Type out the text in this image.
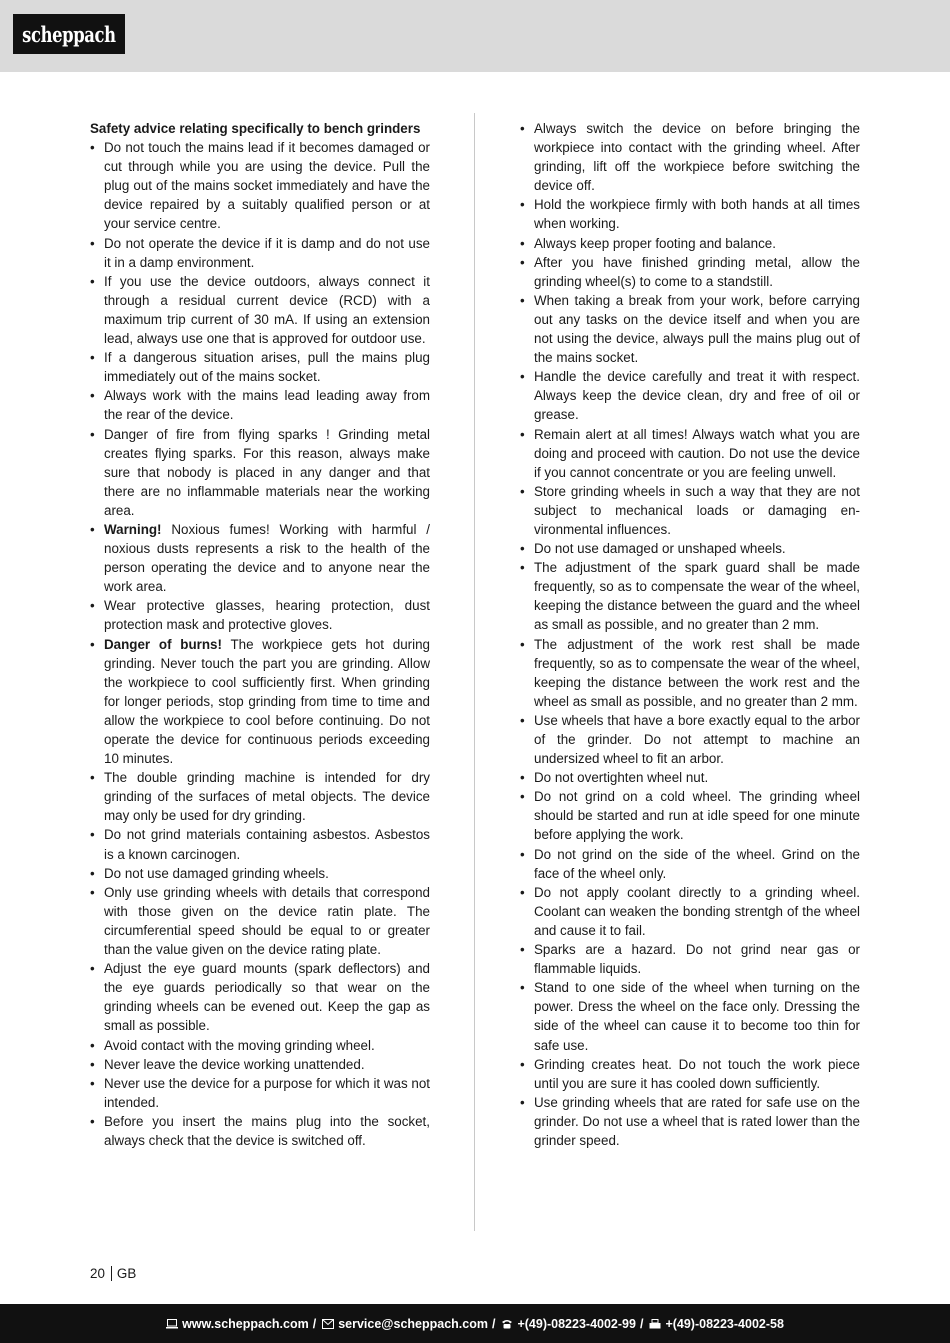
scheppach

Safety advice relating specifically to bench grinders

• Do not touch the mains lead if it becomes damaged or cut through while you are using the device. Pull the plug out of the mains socket immediately and have the device repaired by a suitably qualified person or at your service centre.
• Do not operate the device if it is damp and do not use it in a damp environment.
• If you use the device outdoors, always connect it through a residual current device (RCD) with a maximum trip current of 30 mA. If using an extension lead, always use one that is approved for outdoor use.
• If a dangerous situation arises, pull the mains plug immediately out of the mains socket.
• Always work with the mains lead leading away from the rear of the device.
• Danger of fire from flying sparks ! Grinding metal creates flying sparks. For this reason, always make sure that nobody is placed in any danger and that there are no inflammable materials near the working area.
• Warning! Noxious fumes! Working with harmful / noxious dusts represents a risk to the health of the person operating the device and to anyone near the work area.
• Wear protective glasses, hearing protection, dust protection mask and protective gloves.
• Danger of burns! The workpiece gets hot during grinding. Never touch the part you are grinding. Allow the workpiece to cool sufficiently first. When grinding for longer periods, stop grinding from time to time and allow the workpiece to cool before continuing. Do not operate the device for continuous periods exceeding 10 minutes.
• The double grinding machine is intended for dry grinding of the surfaces of metal objects. The device may only be used for dry grinding.
• Do not grind materials containing asbestos. Asbestos is a known carcinogen.
• Do not use damaged grinding wheels.
• Only use grinding wheels with details that correspond with those given on the device ratin plate. The circumferential speed should be equal to or greater than the value given on the device rating plate.
• Adjust the eye guard mounts (spark deflectors) and the eye guards periodically so that wear on the grinding wheels can be evened out. Keep the gap as small as possible.
• Avoid contact with the moving grinding wheel.
• Never leave the device working unattended.
• Never use the device for a purpose for which it was not intended.
• Before you insert the mains plug into the socket, always check that the device is switched off.
• Always switch the device on before bringing the workpiece into contact with the grinding wheel. After grinding, lift off the workpiece before switching the device off.
• Hold the workpiece firmly with both hands at all times when working.
• Always keep proper footing and balance.
• After you have finished grinding metal, allow the grinding wheel(s) to come to a standstill.
• When taking a break from your work, before carrying out any tasks on the device itself and when you are not using the device, always pull the mains plug out of the mains socket.
• Handle the device carefully and treat it with respect. Always keep the device clean, dry and free of oil or grease.
• Remain alert at all times! Always watch what you are doing and proceed with caution. Do not use the device if you cannot concentrate or you are feeling unwell.
• Store grinding wheels in such a way that they are not subject to mechanical loads or damaging environmental influences.
• Do not use damaged or unshaped wheels.
• The adjustment of the spark guard shall be made frequently, so as to compensate the wear of the wheel, keeping the distance between the guard and the wheel as small as possible, and no greater than 2 mm.
• The adjustment of the work rest shall be made frequently, so as to compensate the wear of the wheel, keeping the distance between the work rest and the wheel as small as possible, and no greater than 2 mm.
• Use wheels that have a bore exactly equal to the arbor of the grinder. Do not attempt to machine an undersized wheel to fit an arbor.
• Do not overtighten wheel nut.
• Do not grind on a cold wheel. The grinding wheel should be started and run at idle speed for one minute before applying the work.
• Do not grind on the side of the wheel. Grind on the face of the wheel only.
• Do not apply coolant directly to a grinding wheel. Coolant can weaken the bonding strentgh of the wheel and cause it to fail.
• Sparks are a hazard. Do not grind near gas or flammable liquids.
• Stand to one side of the wheel when turning on the power. Dress the wheel on the face only. Dressing the side of the wheel can cause it to become too thin for safe use.
• Grinding creates heat. Do not touch the work piece until you are sure it has cooled down sufficiently.
• Use grinding wheels that are rated for safe use on the grinder. Do not use a wheel that is rated lower than the grinder speed.
20 GB
www.scheppach.com / service@scheppach.com / +(49)-08223-4002-99 / +(49)-08223-4002-58
